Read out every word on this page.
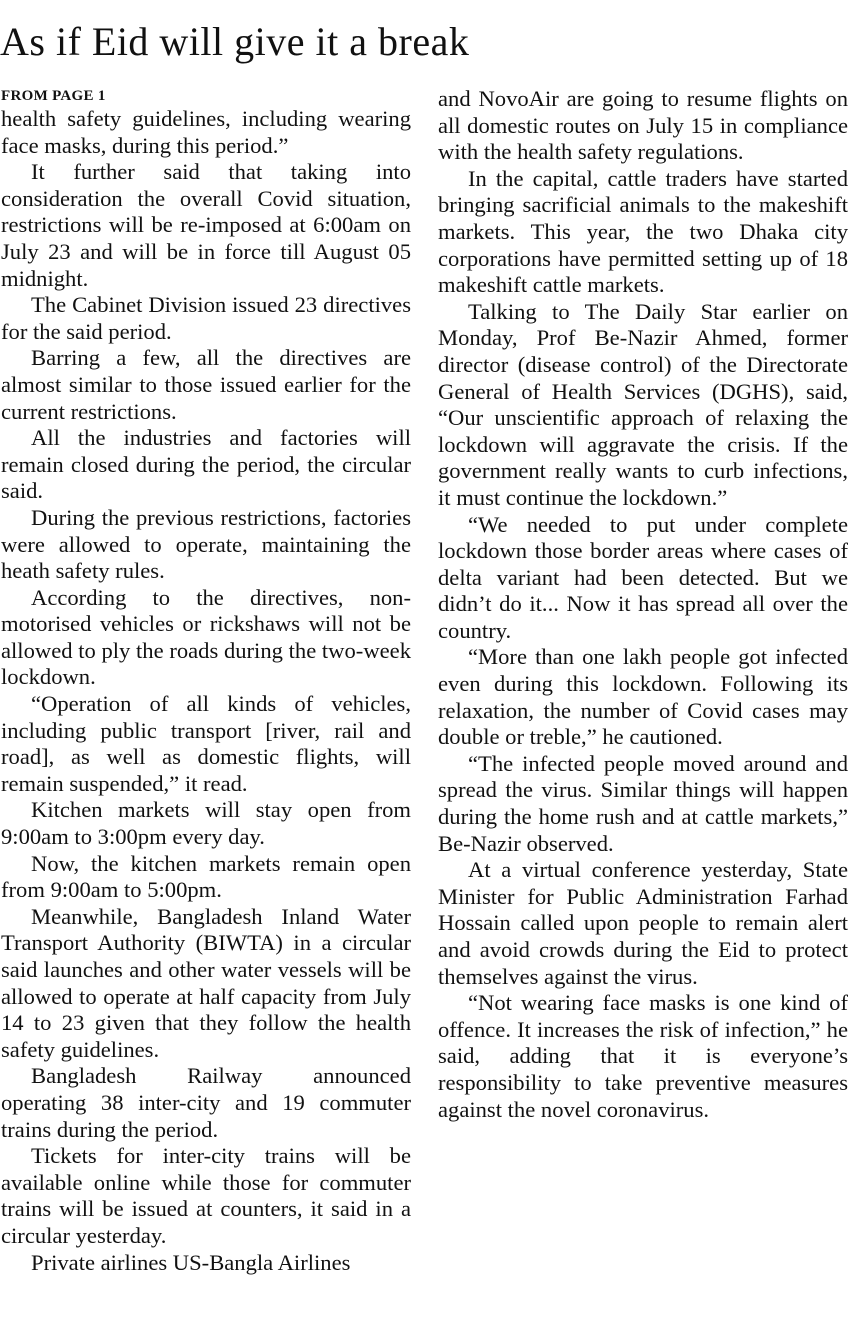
As if Eid will give it a break
FROM PAGE 1

health safety guidelines, including wearing face masks, during this period.”

It further said that taking into consideration the overall Covid situation, restrictions will be re-imposed at 6:00am on July 23 and will be in force till August 05 midnight.

The Cabinet Division issued 23 directives for the said period.

Barring a few, all the directives are almost similar to those issued earlier for the current restrictions.

All the industries and factories will remain closed during the period, the circular said.

During the previous restrictions, factories were allowed to operate, maintaining the heath safety rules.

According to the directives, non-motorised vehicles or rickshaws will not be allowed to ply the roads during the two-week lockdown.

“Operation of all kinds of vehicles, including public transport [river, rail and road], as well as domestic flights, will remain suspended,” it read.

Kitchen markets will stay open from 9:00am to 3:00pm every day.

Now, the kitchen markets remain open from 9:00am to 5:00pm.

Meanwhile, Bangladesh Inland Water Transport Authority (BIWTA) in a circular said launches and other water vessels will be allowed to operate at half capacity from July 14 to 23 given that they follow the health safety guidelines.

Bangladesh Railway announced operating 38 inter-city and 19 commuter trains during the period.

Tickets for inter-city trains will be available online while those for commuter trains will be issued at counters, it said in a circular yesterday.

Private airlines US-Bangla Airlines

and NovoAir are going to resume flights on all domestic routes on July 15 in compliance with the health safety regulations.

In the capital, cattle traders have started bringing sacrificial animals to the makeshift markets. This year, the two Dhaka city corporations have permitted setting up of 18 makeshift cattle markets.

Talking to The Daily Star earlier on Monday, Prof Be-Nazir Ahmed, former director (disease control) of the Directorate General of Health Services (DGHS), said, “Our unscientific approach of relaxing the lockdown will aggravate the crisis. If the government really wants to curb infections, it must continue the lockdown.”

“We needed to put under complete lockdown those border areas where cases of delta variant had been detected. But we didn’t do it... Now it has spread all over the country.

“More than one lakh people got infected even during this lockdown. Following its relaxation, the number of Covid cases may double or treble,” he cautioned.

“The infected people moved around and spread the virus. Similar things will happen during the home rush and at cattle markets,” Be-Nazir observed.

At a virtual conference yesterday, State Minister for Public Administration Farhad Hossain called upon people to remain alert and avoid crowds during the Eid to protect themselves against the virus.

“Not wearing face masks is one kind of offence. It increases the risk of infection,” he said, adding that it is everyone’s responsibility to take preventive measures against the novel coronavirus.
